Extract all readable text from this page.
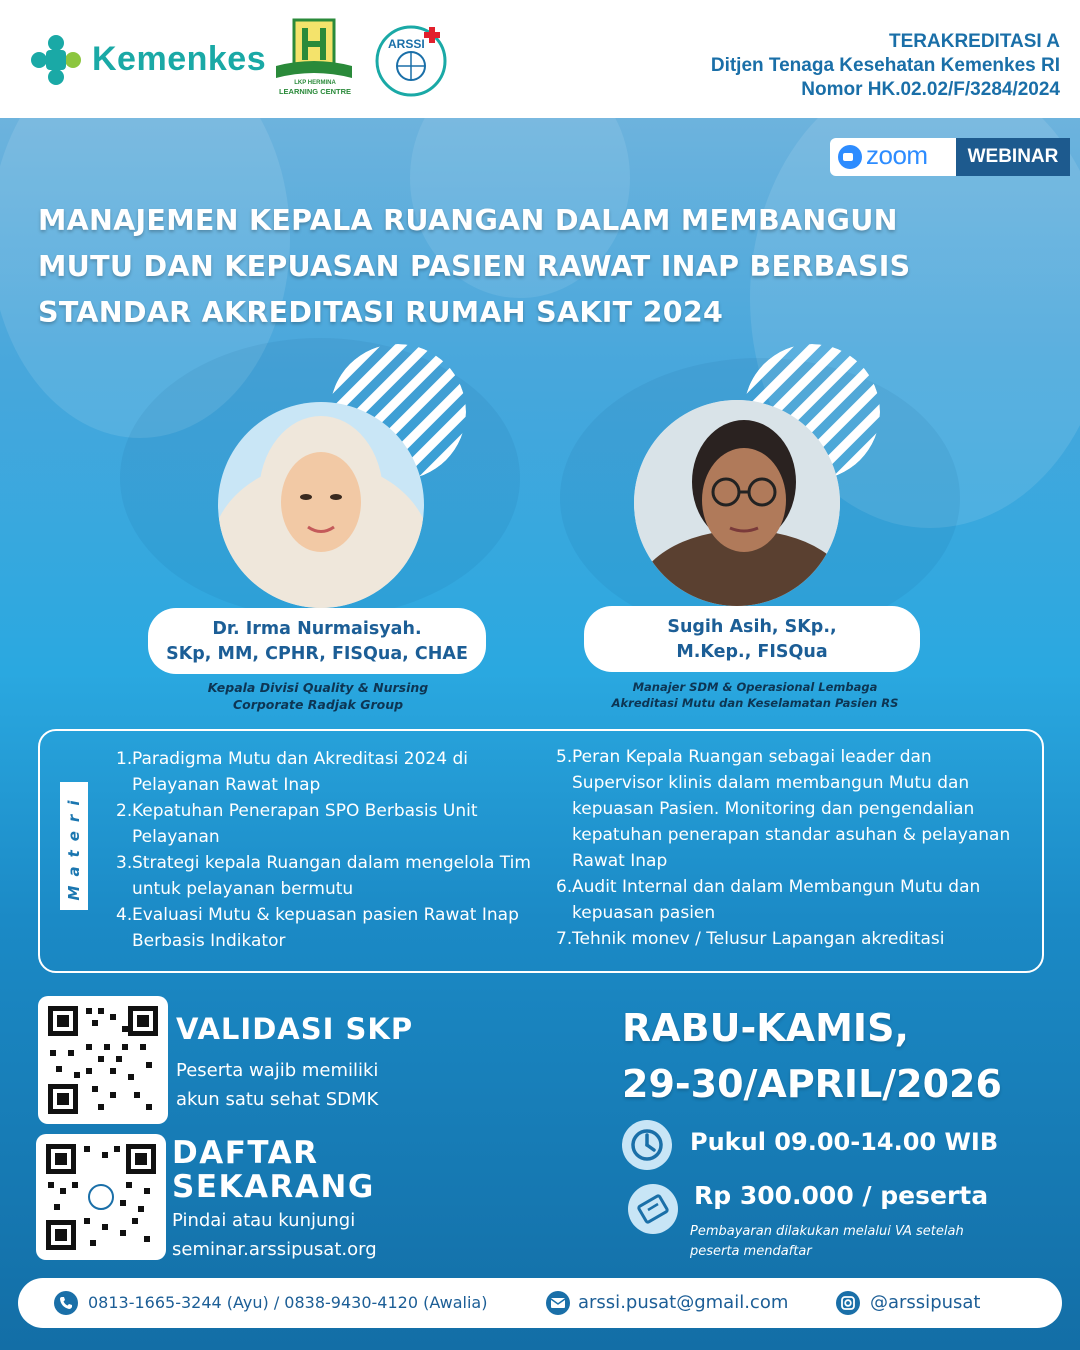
Kemenkes
LKP HERMINA
LEARNING CENTRE
ARSSI	TERAKREDITASI A
Ditjen Tenaga Kesehatan Kemenkes RI
Nomor HK.02.02/F/3284/2024
zoom	WEBINAR
MANAJEMEN KEPALA RUANGAN DALAM MEMBANGUN
MUTU DAN KEPUASAN PASIEN RAWAT INAP BERBASIS
STANDAR AKREDITASI RUMAH SAKIT 2024
Dr. Irma Nurmaisyah.
SKp, MM, CPHR, FISQua, CHAE
Kepala Divisi Quality & Nursing
Corporate Radjak Group
Sugih Asih, SKp.,
M.Kep., FISQua
Manajer SDM & Operasional Lembaga
Akreditasi Mutu dan Keselamatan Pasien RS
Materi
1. Paradigma Mutu dan Akreditasi 2024 di
Pelayanan Rawat Inap
2. Kepatuhan Penerapan SPO Berbasis Unit
Pelayanan
3. Strategi kepala Ruangan dalam mengelola Tim
untuk pelayanan bermutu
4. Evaluasi Mutu & kepuasan pasien Rawat Inap
Berbasis Indikator
5. Peran Kepala Ruangan sebagai leader dan
Supervisor klinis dalam membangun Mutu dan
kepuasan Pasien. Monitoring dan pengendalian
kepatuhan penerapan standar asuhan & pelayanan
Rawat Inap
6. Audit Internal dan dalam Membangun Mutu dan
kepuasan pasien
7. Tehnik monev / Telusur Lapangan akreditasi
VALIDASI SKP
Peserta wajib memiliki
akun satu sehat SDMK
DAFTAR
SEKARANG
Pindai atau kunjungi
seminar.arssipusat.org
RABU-KAMIS,
29-30/APRIL/2026
Pukul 09.00-14.00 WIB
Rp 300.000 / peserta
Pembayaran dilakukan melalui VA setelah
peserta mendaftar
0813-1665-3244 (Ayu) / 0838-9430-4120 (Awalia)	arssi.pusat@gmail.com	@arssipusat
